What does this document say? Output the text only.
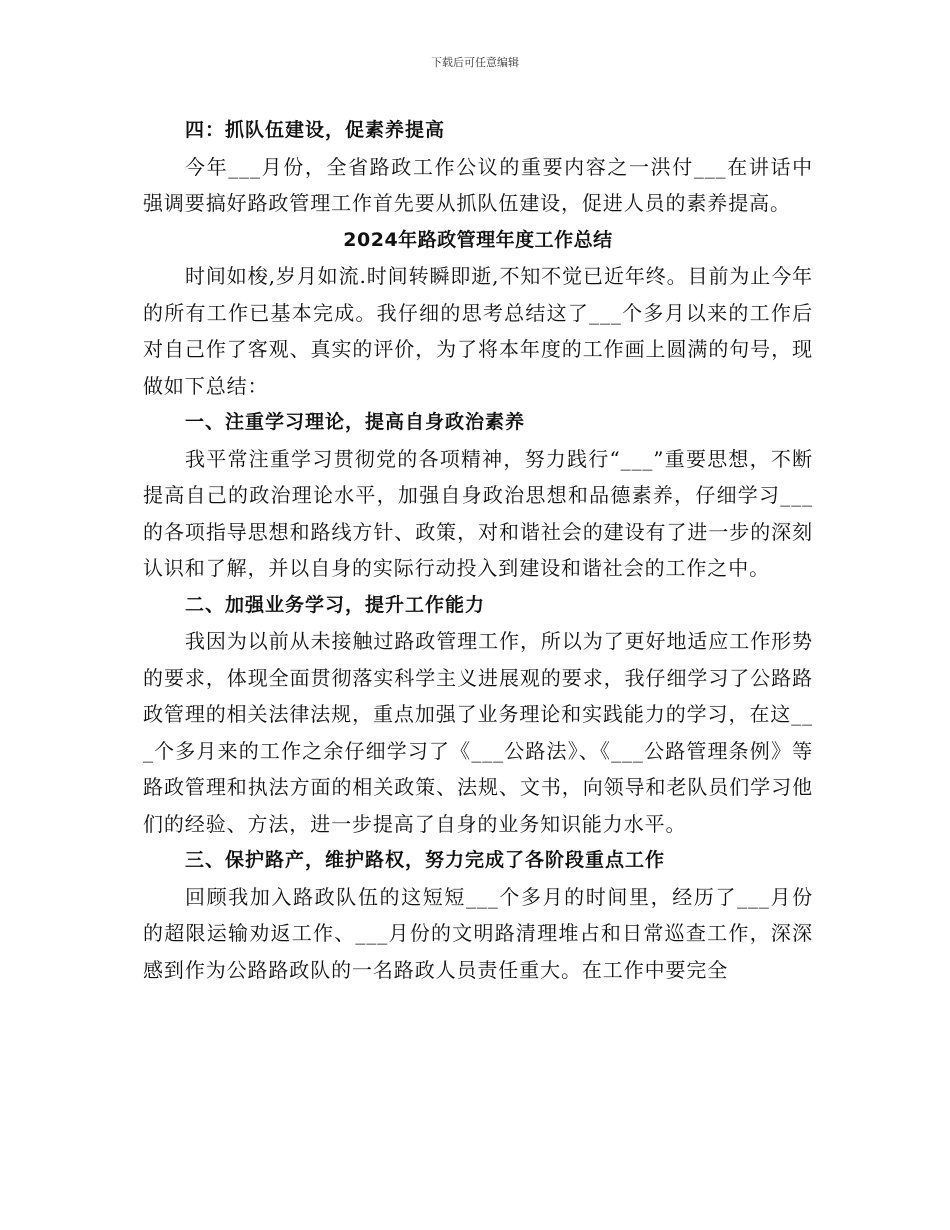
下载后可任意编辑
四：抓队伍建设，促素养提高

今年___月份，全省路政工作公议的重要内容之一洪付___在讲话中强调要搞好路政管理工作首先要从抓队伍建设，促进人员的素养提高。

2024年路政管理年度工作总结

时间如梭,岁月如流.时间转瞬即逝,不知不觉已近年终。目前为止今年的所有工作已基本完成。我仔细的思考总结这了___个多月以来的工作后对自己作了客观、真实的评价，为了将本年度的工作画上圆满的句号，现做如下总结：

一、注重学习理论，提高自身政治素养

我平常注重学习贯彻党的各项精神，努力践行“___”重要思想，不断提高自己的政治理论水平，加强自身政治思想和品德素养，仔细学习___的各项指导思想和路线方针、政策，对和谐社会的建设有了进一步的深刻认识和了解，并以自身的实际行动投入到建设和谐社会的工作之中。

二、加强业务学习，提升工作能力

我因为以前从未接触过路政管理工作，所以为了更好地适应工作形势的要求，体现全面贯彻落实科学主义进展观的要求，我仔细学习了公路路政管理的相关法律法规，重点加强了业务理论和实践能力的学习，在这___个多月来的工作之余仔细学习了《___公路法》、《___公路管理条例》等路政管理和执法方面的相关政策、法规、文书，向领导和老队员们学习他们的经验、方法，进一步提高了自身的业务知识能力水平。

三、保护路产，维护路权，努力完成了各阶段重点工作

回顾我加入路政队伍的这短短___个多月的时间里，经历了___月份的超限运输劝返工作、___月份的文明路清理堆占和日常巡查工作，深深感到作为公路路政队的一名路政人员责任重大。在工作中要完全
